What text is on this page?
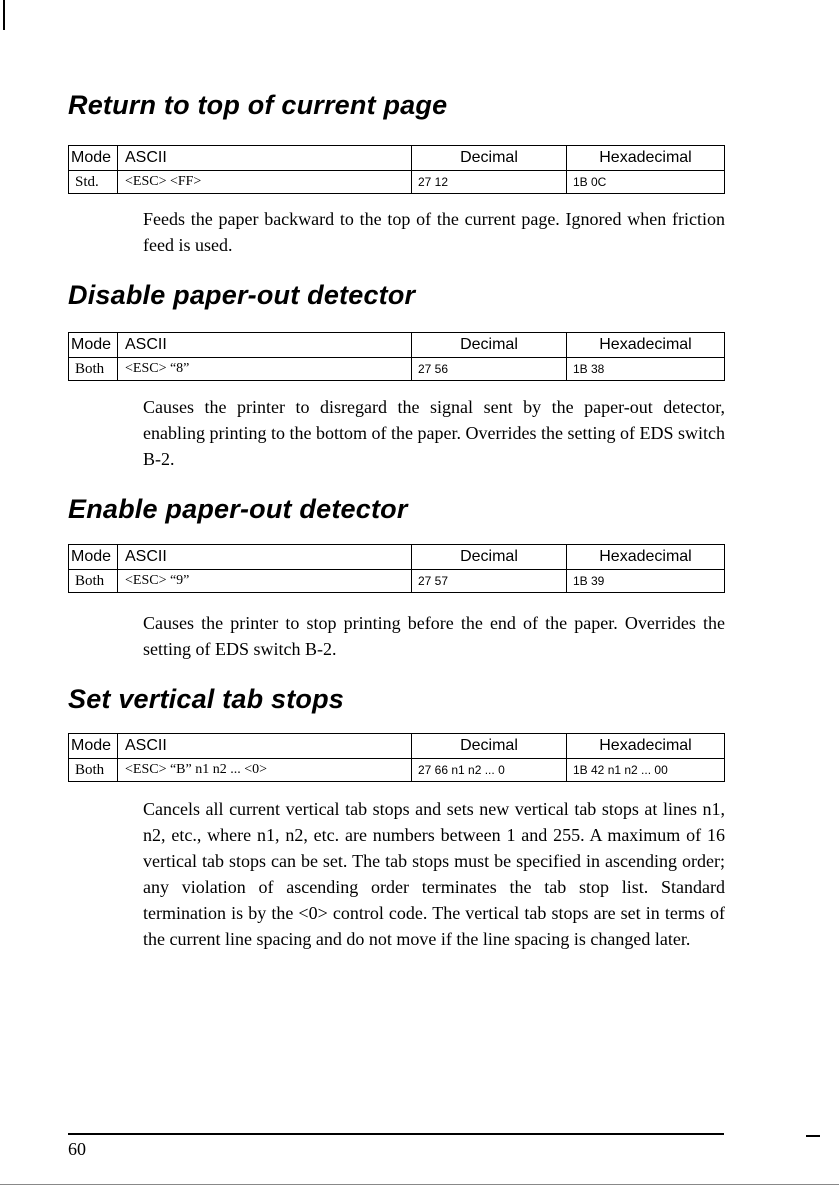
Return to top of current page
Mode	ASCII	Decimal	Hexadecimal
Std.	<ESC> <FF>	27 12	1B 0C

Feeds the paper backward to the top of the current page. Ignored when friction feed is used.

Disable paper-out detector
Mode	ASCII	Decimal	Hexadecimal
Both	<ESC> “8”	27 56	1B 38

Causes the printer to disregard the signal sent by the paper-out detector, enabling printing to the bottom of the paper. Overrides the setting of EDS switch B-2.

Enable paper-out detector
Mode	ASCII	Decimal	Hexadecimal
Both	<ESC> “9”	27 57	1B 39

Causes the printer to stop printing before the end of the paper. Overrides the setting of EDS switch B-2.

Set vertical tab stops
Mode	ASCII	Decimal	Hexadecimal
Both	<ESC> “B” n1 n2 ... <0>	27 66 n1 n2 ... 0	1B 42 n1 n2 ... 00

Cancels all current vertical tab stops and sets new vertical tab stops at lines n1, n2, etc., where n1, n2, etc. are numbers between 1 and 255. A maximum of 16 vertical tab stops can be set. The tab stops must be specified in ascending order; any violation of ascending order terminates the tab stop list. Standard termination is by the <0> control code. The vertical tab stops are set in terms of the current line spacing and do not move if the line spacing is changed later.

60
